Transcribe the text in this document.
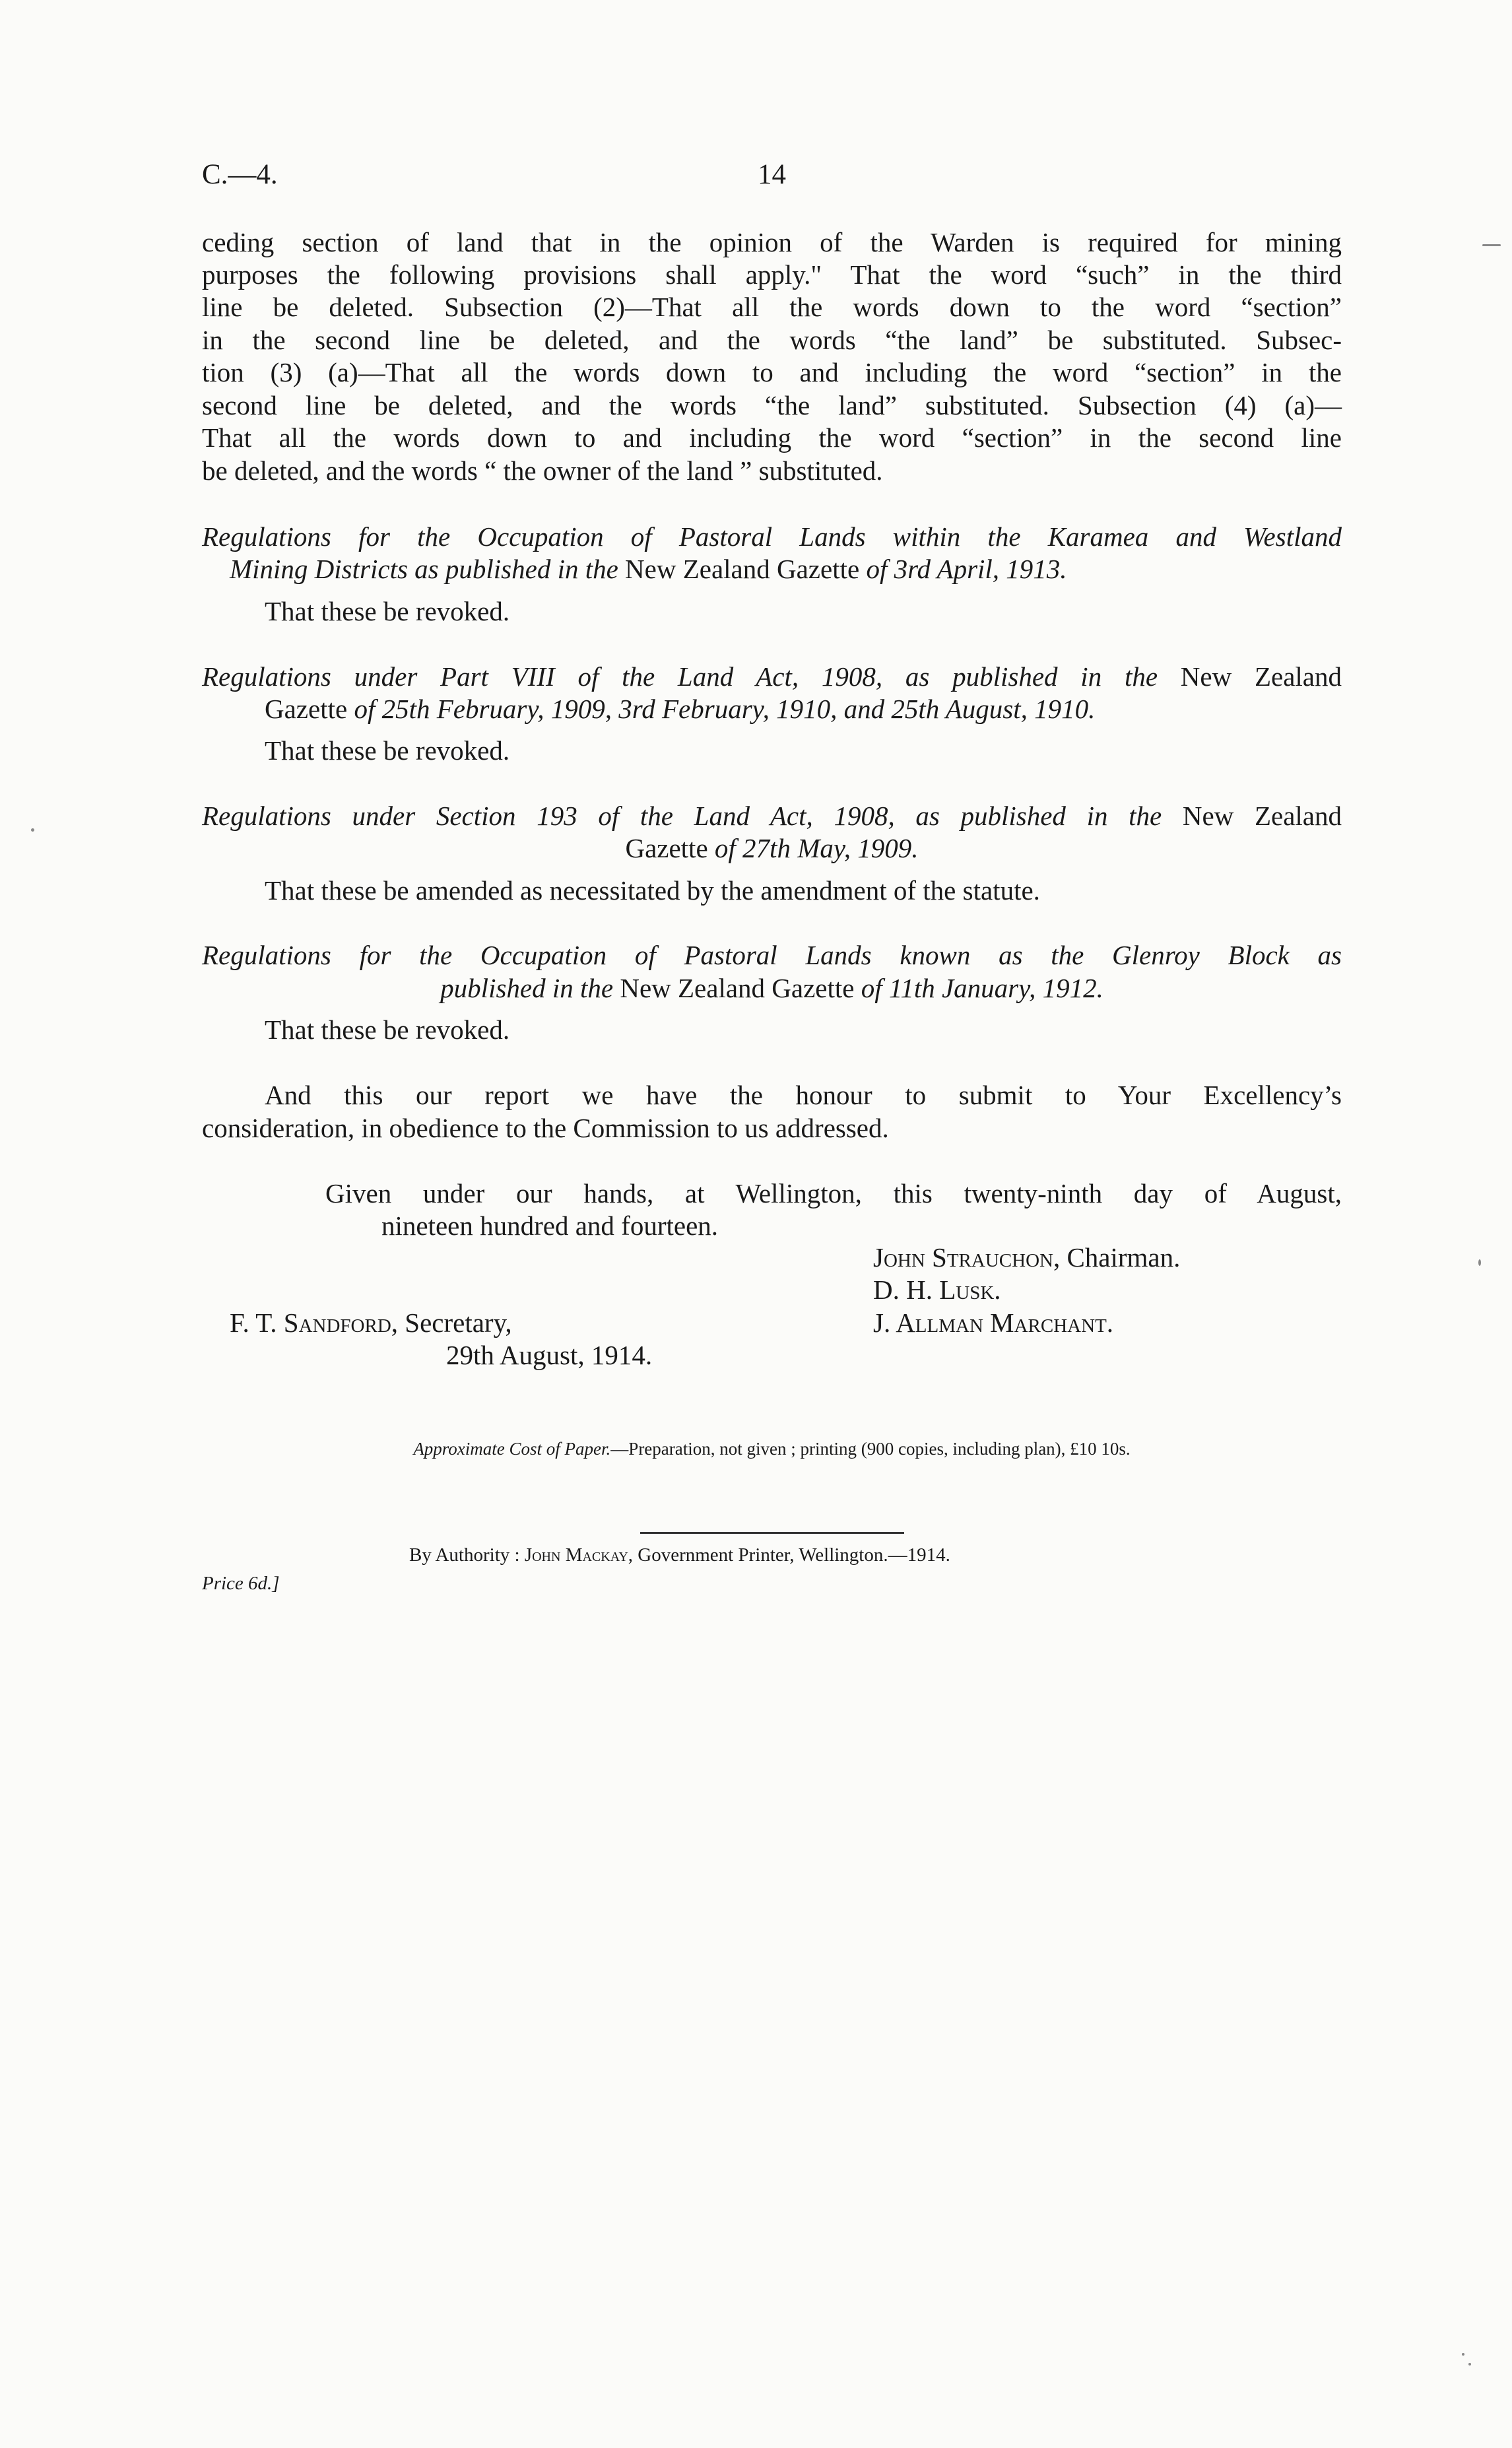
C.—4.	14
ceding section of land that in the opinion of the Warden is required for mining
purposes the following provisions shall apply." That the word “such” in the third
line be deleted. Subsection (2)—That all the words down to the word “section”
in the second line be deleted, and the words “the land” be substituted. Subsec-
tion (3) (a)—That all the words down to and including the word “section” in the
second line be deleted, and the words “the land” substituted. Subsection (4) (a)—
That all the words down to and including the word “section” in the second line
be deleted, and the words “ the owner of the land ” substituted.
Regulations for the Occupation of Pastoral Lands within the Karamea and Westland
Mining Districts as published in the New Zealand Gazette of 3rd April, 1913.
That these be revoked.
Regulations under Part VIII of the Land Act, 1908, as published in the New Zealand
Gazette of 25th February, 1909, 3rd February, 1910, and 25th August, 1910.
That these be revoked.
Regulations under Section 193 of the Land Act, 1908, as published in the New Zealand
Gazette of 27th May, 1909.
That these be amended as necessitated by the amendment of the statute.
Regulations for the Occupation of Pastoral Lands known as the Glenroy Block as
published in the New Zealand Gazette of 11th January, 1912.
That these be revoked.
And this our report we have the honour to submit to Your Excellency’s
consideration, in obedience to the Commission to us addressed.
Given under our hands, at Wellington, this twenty-ninth day of August,
nineteen hundred and fourteen.
John Strauchon, Chairman.
D. H. Lusk.
J. Allman Marchant.
F. T. Sandford, Secretary,
29th August, 1914.
Approximate Cost of Paper.—Preparation, not given ; printing (900 copies, including plan), £10 10s.
By Authority : John Mackay, Government Printer, Wellington.—1914.
Price 6d.]
